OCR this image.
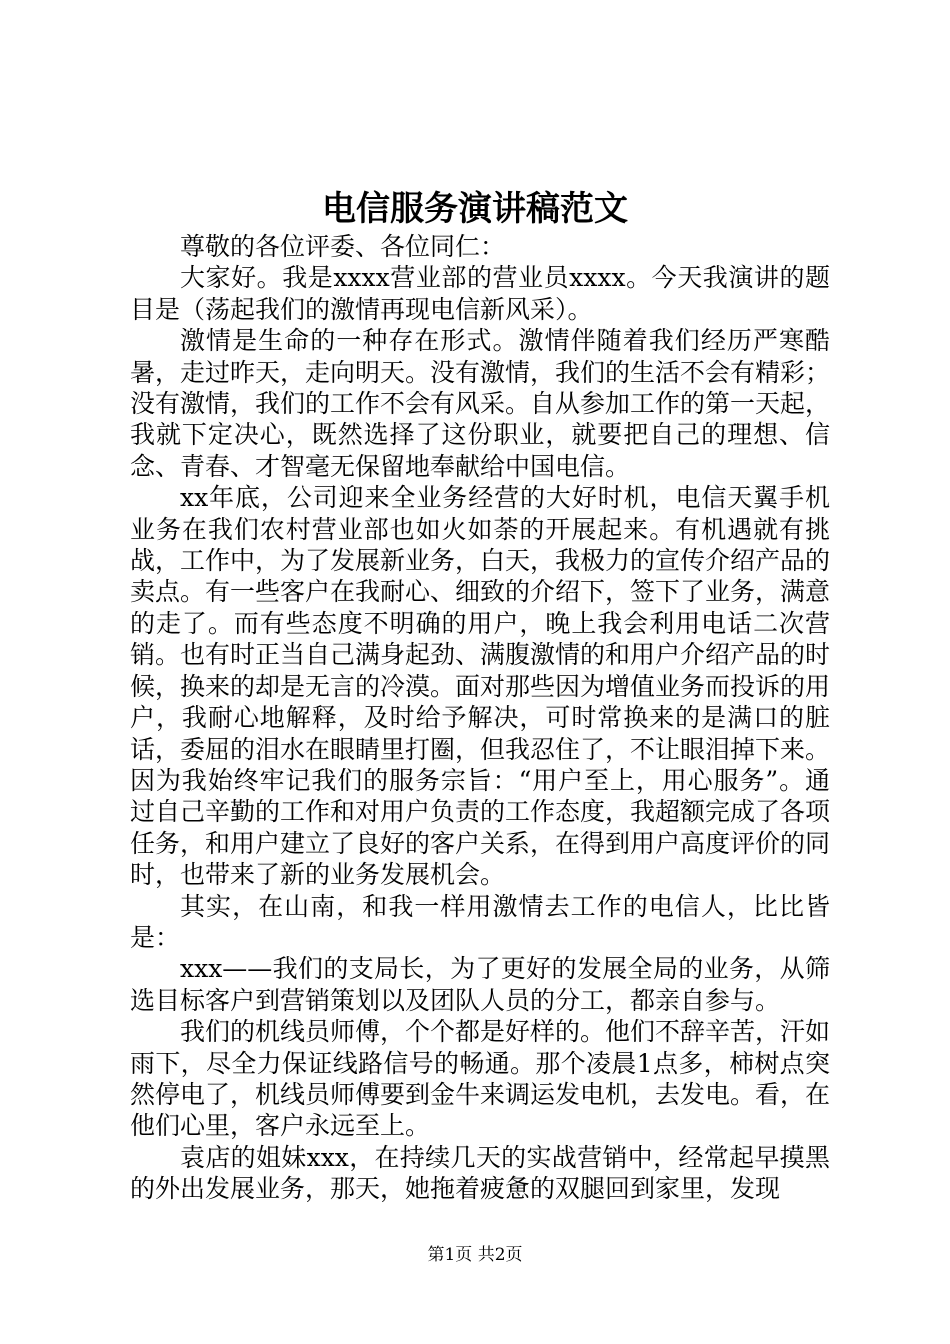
电信服务演讲稿范文

尊敬的各位评委、各位同仁：

大家好。我是xxxx营业部的营业员xxxx。今天我演讲的题目是（荡起我们的激情再现电信新风采）。

激情是生命的一种存在形式。激情伴随着我们经历严寒酷暑，走过昨天，走向明天。没有激情，我们的生活不会有精彩；没有激情，我们的工作不会有风采。自从参加工作的第一天起，我就下定决心，既然选择了这份职业，就要把自己的理想、信念、青春、才智毫无保留地奉献给中国电信。

xx年底，公司迎来全业务经营的大好时机，电信天翼手机业务在我们农村营业部也如火如荼的开展起来。有机遇就有挑战，工作中，为了发展新业务，白天，我极力的宣传介绍产品的卖点。有一些客户在我耐心、细致的介绍下，签下了业务，满意的走了。而有些态度不明确的用户，晚上我会利用电话二次营销。也有时正当自己满身起劲、满腹激情的和用户介绍产品的时候，换来的却是无言的冷漠。面对那些因为增值业务而投诉的用户，我耐心地解释，及时给予解决，可时常换来的是满口的脏话，委屈的泪水在眼睛里打圈，但我忍住了，不让眼泪掉下来。因为我始终牢记我们的服务宗旨：“用户至上，用心服务”。通过自己辛勤的工作和对用户负责的工作态度，我超额完成了各项任务，和用户建立了良好的客户关系，在得到用户高度评价的同时，也带来了新的业务发展机会。

其实，在山南，和我一样用激情去工作的电信人，比比皆是：

xxx——我们的支局长，为了更好的发展全局的业务，从筛选目标客户到营销策划以及团队人员的分工，都亲自参与。

我们的机线员师傅，个个都是好样的。他们不辞辛苦，汗如雨下，尽全力保证线路信号的畅通。那个凌晨1点多，柿树点突然停电了，机线员师傅要到金牛来调运发电机，去发电。看，在他们心里，客户永远至上。

袁店的姐妹xxx，在持续几天的实战营销中，经常起早摸黑的外出发展业务，那天，她拖着疲惫的双腿回到家里，发现

第1页 共2页
